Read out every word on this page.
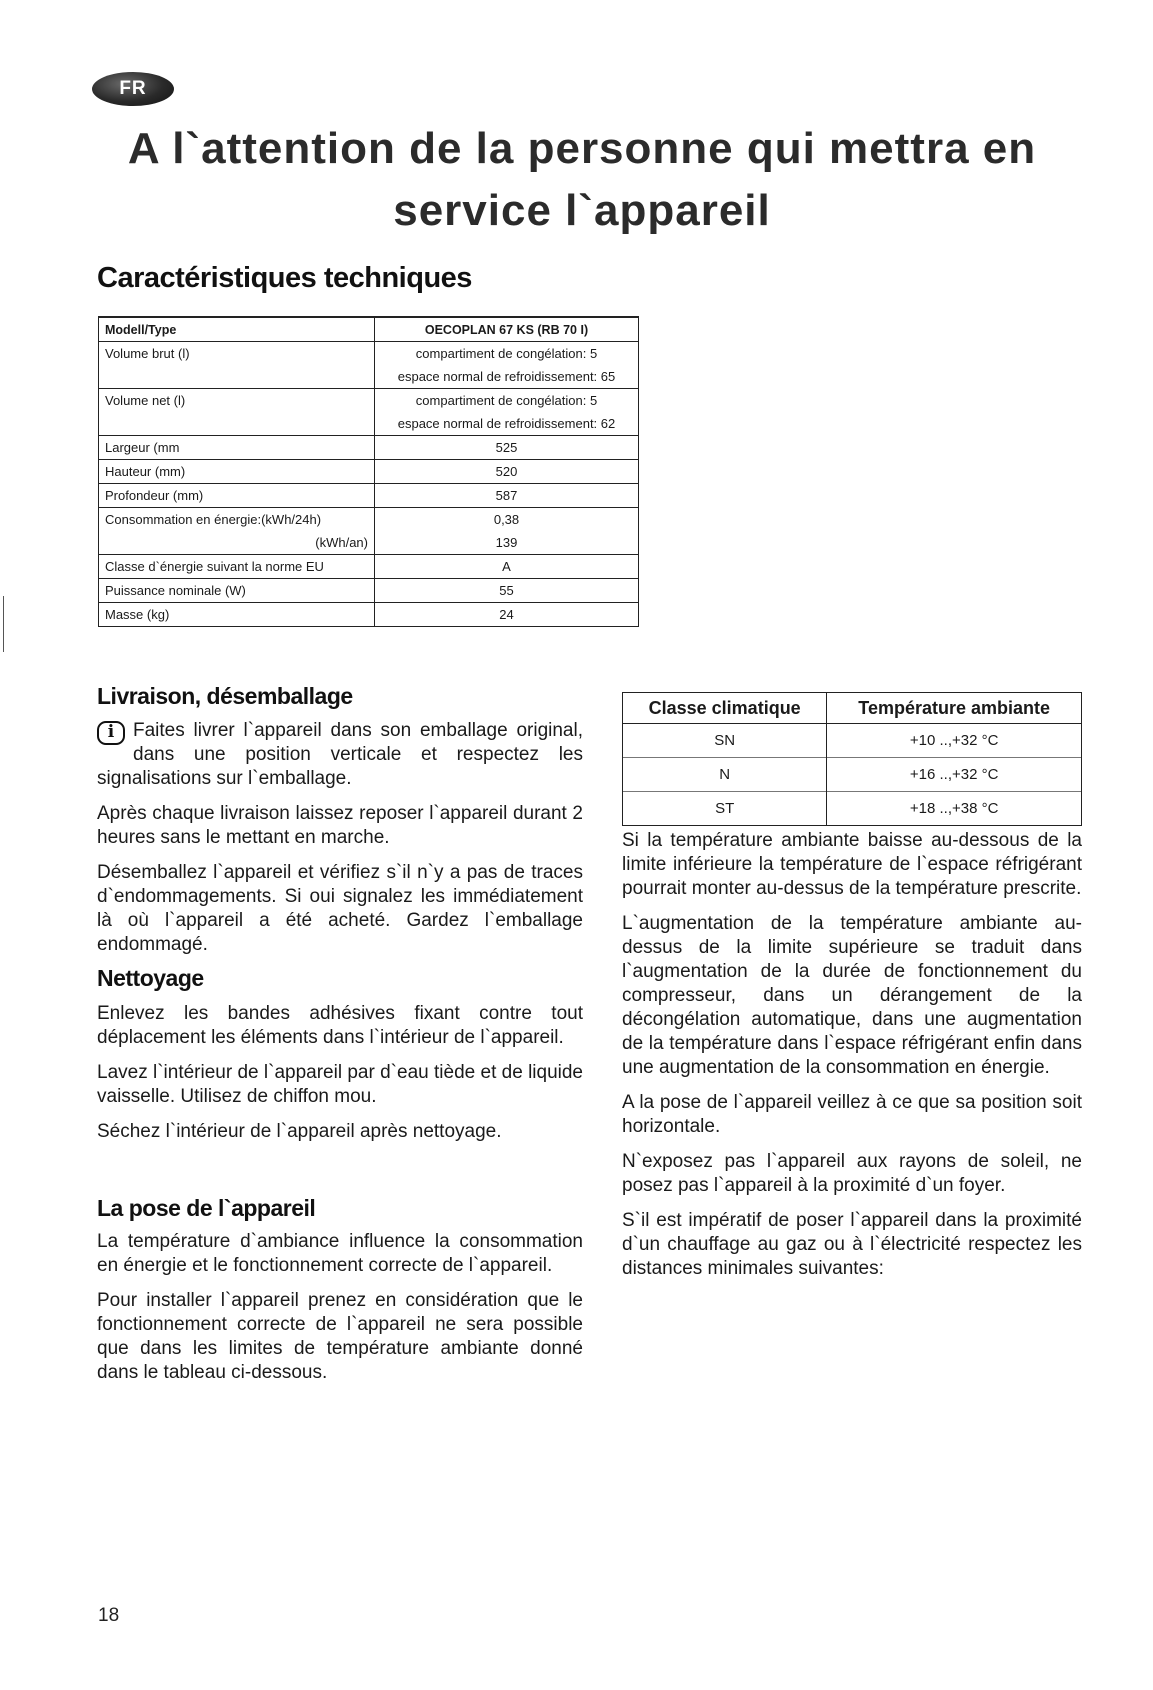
FR
A l`attention de la personne qui mettra en
service l`appareil
Caractéristiques techniques
Modell/Type	OECOPLAN 67 KS (RB 70 I)
Volume brut (l)	compartiment de congélation: 5
	espace normal de refroidissement: 65
Volume net (l)	compartiment de congélation: 5
	espace normal de refroidissement: 62
Largeur (mm	525
Hauteur (mm)	520
Profondeur (mm)	587
Consommation en énergie:(kWh/24h)	0,38
(kWh/an)	139
Classe d`énergie suivant la norme EU	A
Puissance nominale (W)	55
Masse (kg)	24
Livraison, désemballage

i Faites livrer l`appareil dans son emballage original, dans une position verticale et respectez les signalisations sur l`emballage.

Après chaque livraison laissez reposer l`appareil durant 2 heures sans le mettant en marche.

Désemballez l`appareil et vérifiez s`il n`y a pas de traces d`endommagements. Si oui signalez les immédiatement là où l`appareil a été acheté. Gardez l`emballage endommagé.

Nettoyage

Enlevez les bandes adhésives fixant contre tout déplacement les éléments dans l`intérieur de l`appareil.

Lavez l`intérieur de l`appareil par d`eau tiède et de liquide vaisselle. Utilisez de chiffon mou.

Séchez l`intérieur de l`appareil après nettoyage.

La pose de l`appareil

La température d`ambiance influence la consommation en énergie et le fonctionnement correcte de l`appareil.

Pour installer l`appareil prenez en considération que le fonctionnement correcte de l`appareil ne sera possible que dans les limites de température ambiante donné dans le tableau ci-dessous.

Classe climatique	Température ambiante
SN	+10 ..,+32 °C
N	+16 ..,+32 °C
ST	+18 ..,+38 °C

Si la température ambiante baisse au-dessous de la limite inférieure la température de l`espace réfrigérant pourrait monter au-dessus de la température prescrite.

L`augmentation de la température ambiante au-dessus de la limite supérieure se traduit dans l`augmentation de la durée de fonctionnement du compresseur, dans un dérangement de la décongélation automatique, dans une augmentation de la température dans l`espace réfrigérant enfin dans une augmentation de la consommation en énergie.

A la pose de l`appareil veillez à ce que sa position soit horizontale.

N`exposez pas l`appareil aux rayons de soleil, ne posez pas l`appareil à la proximité d`un foyer.

S`il est impératif de poser l`appareil dans la proximité d`un chauffage au gaz ou à l`électricité respectez les distances minimales suivantes:

18
